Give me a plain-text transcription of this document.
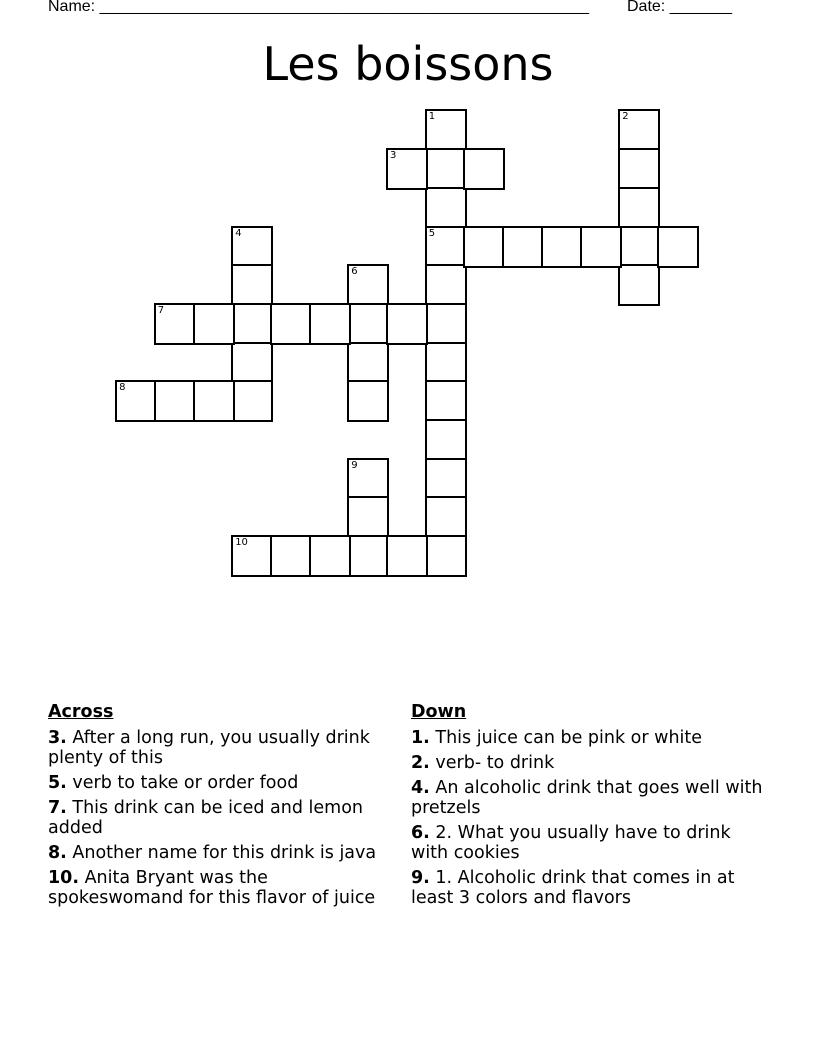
Name: _______________________________________________________ Date: _______
Les boissons
1
5
3
2
4
6
7
8
9
10
Across
3. After a long run, you usually drink plenty of this
5. verb to take or order food
7. This drink can be iced and lemon added
8. Another name for this drink is java
10. Anita Bryant was the spokeswomand for this flavor of juice
Down
1. This juice can be pink or white
2. verb- to drink
4. An alcoholic drink that goes well with pretzels
6. 2. What you usually have to drink with cookies
9. 1. Alcoholic drink that comes in at least 3 colors and flavors
